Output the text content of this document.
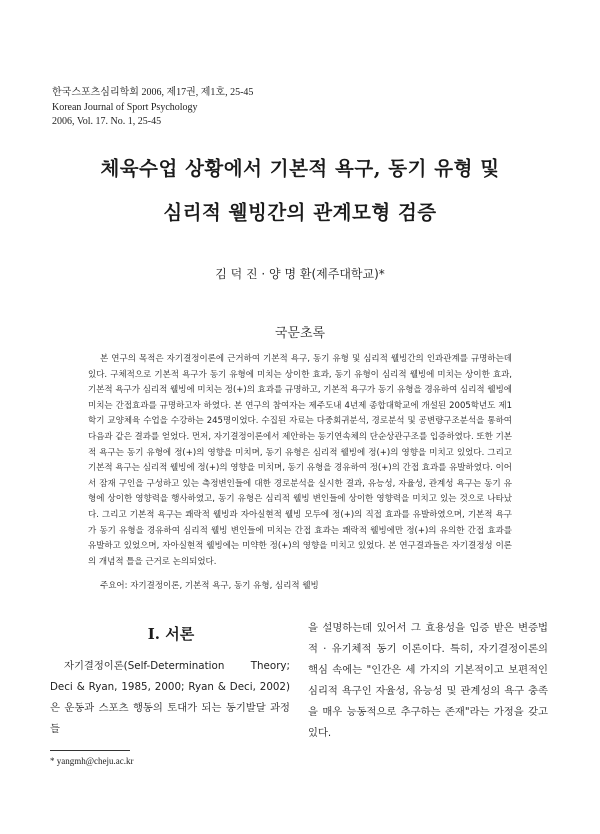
한국스포츠심리학회 2006, 제17권, 제1호, 25-45
Korean Journal of Sport Psychology
2006, Vol. 17. No. 1, 25-45
체육수업 상황에서 기본적 욕구, 동기 유형 및
심리적 웰빙간의 관계모형 검증
김 덕 진 · 양 명 환(제주대학교)*
국문초록

본 연구의 목적은 자기결정이론에 근거하여 기본적 욕구, 동기 유형 및 심리적 웰빙간의 인과관계를 규명하는데 있다. 구체적으로 기본적 욕구가 동기 유형에 미치는 상이한 효과, 동기 유형이 심리적 웰빙에 미치는 상이한 효과, 기본적 욕구가 심리적 웰빙에 미치는 정(+)의 효과를 규명하고, 기본적 욕구가 동기 유형을 경유하여 심리적 웰빙에 미치는 간접효과를 규명하고자 하였다. 본 연구의 참여자는 제주도내 4년제 종합대학교에 개설된 2005학년도 제1학기 교양체육 수업을 수강하는 245명이었다. 수집된 자료는 다중회귀분석, 경로분석 및 공변량구조분석을 통하여 다음과 같은 결과를 얻었다. 먼저, 자기결정이론에서 제안하는 동기연속체의 단순상관구조를 입증하였다. 또한 기본적 욕구는 동기 유형에 정(+)의 영향을 미치며, 동기 유형은 심리적 웰빙에 정(+)의 영향을 미치고 있었다. 그리고 기본적 욕구는 심리적 웰빙에 정(+)의 영향을 미치며, 동기 유형을 경유하여 정(+)의 간접 효과를 유발하였다. 이어서 잠재 구인을 구성하고 있는 측정변인들에 대한 경로분석을 실시한 결과, 유능성, 자율성, 관계성 욕구는 동기 유형에 상이한 영향력을 행사하였고, 동기 유형은 심리적 웰빙 변인들에 상이한 영향력을 미치고 있는 것으로 나타났다. 그리고 기본적 욕구는 쾌락적 웰빙과 자아실현적 웰빙 모두에 정(+)의 직접 효과를 유발하였으며, 기본적 욕구가 동기 유형을 경유하여 심리적 웰빙 변인들에 미치는 간접 효과는 쾌락적 웰빙에만 정(+)의 유의한 간접 효과를 유발하고 있었으며, 자아실현적 웰빙에는 미약한 정(+)의 영향을 미치고 있었다. 본 연구결과들은 자기결정성 이론의 개념적 틀을 근거로 논의되었다.

주요어: 자기결정이론, 기본적 욕구, 동기 유형, 심리적 웰빙
Ⅰ. 서론

자기결정이론(Self-Determination Theory; Deci & Ryan, 1985, 2000; Ryan & Deci, 2002)은 운동과 스포츠 행동의 토대가 되는 동기발달 과정들

을 설명하는데 있어서 그 효용성을 입증 받은 변증법적 · 유기체적 동기 이론이다. 특히, 자기결정이론의 핵심 속에는 "인간은 세 가지의 기본적이고 보편적인 심리적 욕구인 자율성, 유능성 및 관계성의 욕구 충족을 매우 능동적으로 추구하는 존재"라는 가정을 갖고 있다.

* yangmh@cheju.ac.kr
